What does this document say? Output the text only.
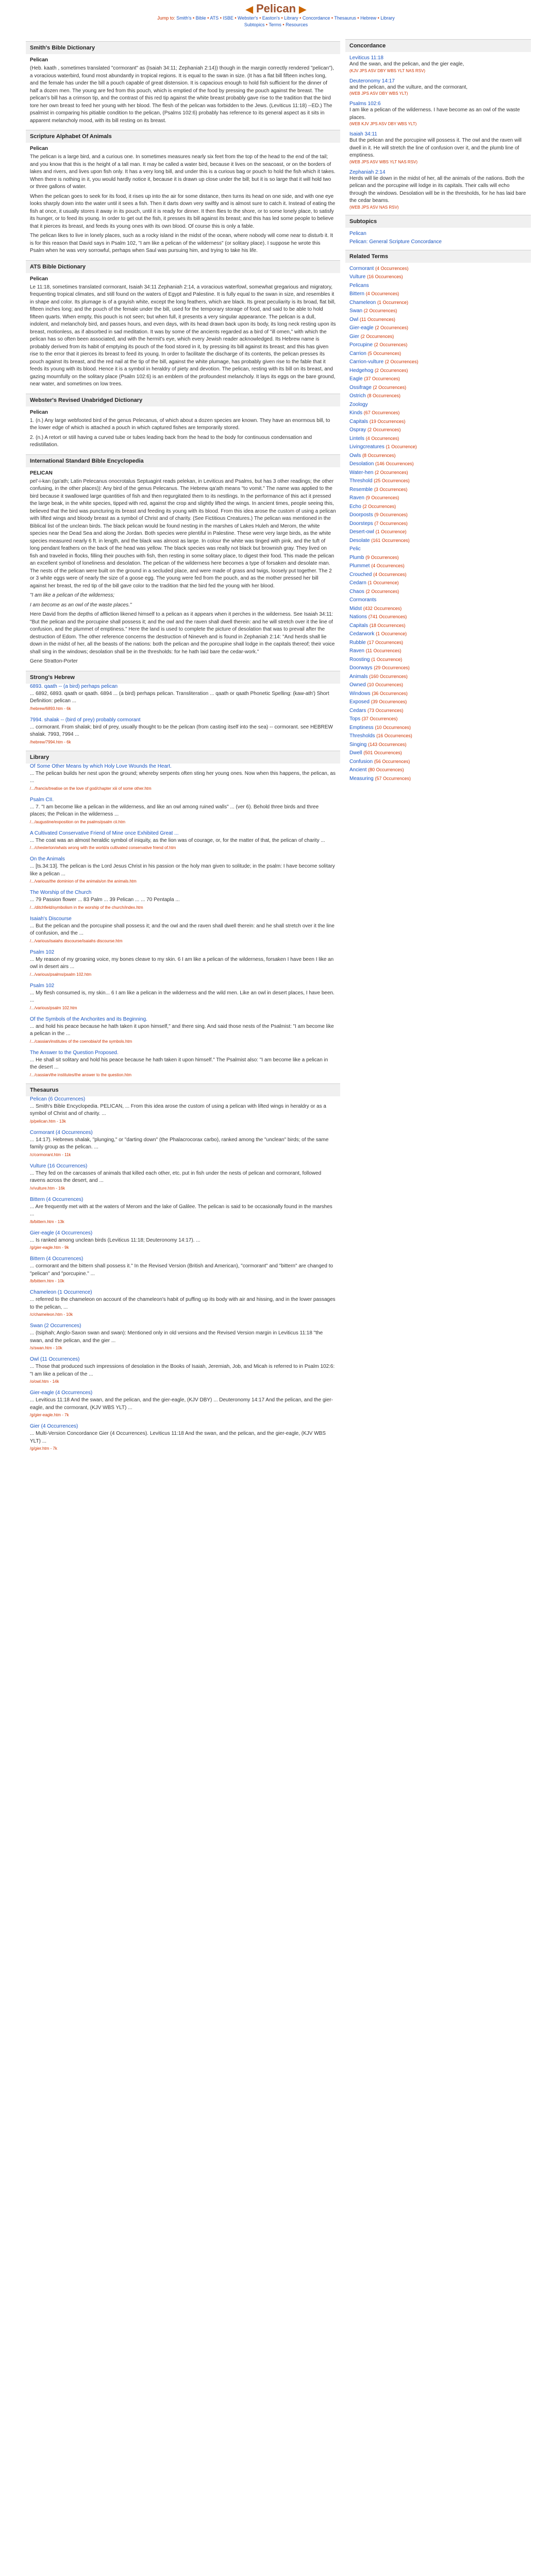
◀ Pelican ▶
Jump to: Smith's • Bible • ATS • ISBE • Webster's • Easton's • Library • Concordance • Thesaurus • Hebrew • Library
Subtopics • Terms • Resources
Smith's Bible Dictionary
Pelican

(Heb. kaath , sometimes translated "cormorant" as (Isaiah 34:11; Zephaniah 2:14)) though in the margin correctly rendered "pelican"), a voracious waterbird, found most abundantly in tropical regions. It is equal to the swan in size. (It has a flat bill fifteen inches long, and the female has under the bill a pouch capable of great distension. It is capacious enough to hold fish sufficient for the dinner of half a dozen men. The young are fed from this pouch, which is emptied of the food by pressing the pouch against the breast. The pelican's bill has a crimson tip, and the contrast of this red tip against the white breast probably gave rise to the tradition that the bird tore her own breast to feed her young with her blood. The flesh of the pelican was forbidden to the Jews. (Leviticus 11:18) --ED.) The psalmist in comparing his pitiable condition to the pelican, (Psalms 102:6) probably has reference to its general aspect as it sits in apparent melancholy mood, with its bill resting on its breast.

Scripture Alphabet Of Animals
Pelican

The pelican is a large bird, and a curious one. In sometimes measures nearly six feet from the top of the head to the end of the tail; and you know that this is the height of a tall man. It may be called a water bird, because it lives on the seacoast, or on the borders of lakes and rivers, and lives upon fish only. It has a very long bill, and under this is a curious bag or pouch to hold the fish which it takes. When there is nothing in it, you would hardly notice it, because it is drawn up close under the bill; but it is so large that it will hold two or three gallons of water.

When the pelican goes to seek for its food, it rises up into the air for some distance, then turns its head on one side, and with one eye looks sharply down into the water until it sees a fish. Then it darts down very swiftly and is almost sure to catch it. Instead of eating the fish at once, it usually stores it away in its pouch, until it is ready for dinner. It then flies to the shore, or to some lonely place, to satisfy its hunger, or to feed its young. In order to get out the fish, it presses its bill against its breast; and this has led some people to believe that it pierces its breast, and feeds its young ones with its own blood. Of course this is only a fable.

The pelican likes to live in lonely places, such as a rocky island in the midst of the ocean, where nobody will come near to disturb it. It is for this reason that David says in Psalm 102, "I am like a pelican of the wilderness" (or solitary place). I suppose he wrote this Psalm when he was very sorrowful, perhaps when Saul was pursuing him, and trying to take his life.

ATS Bible Dictionary
Pelican

Le 11:18, sometimes translated cormorant, Isaiah 34:11 Zephaniah 2:14, a voracious waterfowl, somewhat gregarious and migratory, frequenting tropical climates, and still found on the waters of Egypt and Palestine. It is fully equal to the swan in size, and resembles it in shape and color. Its plumage is of a grayish white, except the long feathers, which are black. Its great peculiarity is its broad, flat bill, fifteen inches long; and the pouch of the female under the bill, used for the temporary storage of food, and said to be able to hold fifteen quarts. When empty, this pouch is not seen; but when full, it presents a very singular appearance. The pelican is a dull, indolent, and melancholy bird, and passes hours, and even days, with its head drawn back upon its body, its long neck resting upon its breast, motionless, as if absorbed in sad meditation. It was by some of the ancients regarded as a bird of "ill omen," with which the pelican has so often been associated, and with the hermit's eye, which every Jewish reader acknowledged. Its Hebrew name is probably derived from its habit of emptying its pouch of the food stored in it, by pressing its bill against its breast; and this has given rise to the error that it pierces its breast to feed its young. In order to facilitate the discharge of its contents, the pelican presses its pouch against its breast, and the red nail at the tip of the bill, against the white plumage, has probably given rise to the fable that it feeds its young with its blood. Hence it is a symbol in heraldry of piety and devotion. The pelican, resting with its bill on its breast, and gazing mournfully on the solitary place (Psalm 102:6) is an emblem of the profoundest melancholy. It lays its eggs on the bare ground, near water, and sometimes on low trees.

Webster's Revised Unabridged Dictionary
Pelican

1. (n.) Any large webfooted bird of the genus Pelecanus, of which about a dozen species are known. They have an enormous bill, to the lower edge of which is attached a pouch in which captured fishes are temporarily stored.

2. (n.) A retort or still having a curved tube or tubes leading back from the head to the body for continuous condensation and redistillation.

International Standard Bible Encyclopedia
PELICAN

pel'-i-kan (qa'ath; Latin Pelecanus onocrotalus Septuagint reads pelekan, in Leviticus and Psalms, but has 3 other readings; the other confusing, in the other places)): Any bird of the genus Pelecanus. The Hebrew qa'ath means "to vomit." The name was applied to the bird because it swallowed large quantities of fish and then regurgitated them to its nestlings. In the performance of this act it pressed the large beak, in the white species, tipped with red, against the crop and slightly lifted the wings. In ancient times, people seeing this, believed that the bird was puncturing its breast and feeding its young with its blood. From this idea arose the custom of using a pelican with lifted wings and bloody breast as a symbol of Christ and of charity. (See Fictitious Creatures.) The pelican was mentioned in the Biblical list of the unclean birds. The black pelican would be found nesting in the marshes of Lakes Huleh and Merom, the white species near the Dead Sea and along the Jordan. Both species were plentiful in Palestine. These were very large birds, as the white species measured nearly 6 ft. in length, and the black was almost as large. In colour the white was tinged with pink, and the tuft of long pendant feathers on the back of the head was yellow. The black species was really not black but brownish gray. They lived on fish and traveled in flocks, filling their pouches with fish, then resting in some solitary place, to digest their food. This made the pelican an excellent symbol of loneliness and desolation. The pelican of the wilderness here becomes a type of forsaken and desolate man. The nests of the pelican were built on the ground in a secluded place, and were made of grass and twigs, loosely put together. The 2 or 3 white eggs were of nearly the size of a goose egg. The young were fed from the pouch, and as the mother pressed her bill against her breast, the red tip of the bill gave color to the tradition that the bird fed the young with her blood.

"I am like a pelican of the wilderness;

I am become as an owl of the waste places."

Here David from the depths of affliction likened himself to a pelican as it appears when it perches in the wilderness. See Isaiah 34:11: "But the pelican and the porcupine shall possess it; and the owl and the raven shall dwell therein: and he will stretch over it the line of confusion, and the plummet of emptiness." Here the land is used to complete the picture of desolation that was to prevail after the destruction of Edom. The other reference concerns the destruction of Nineveh and is found in Zephaniah 2:14: "And herds shall lie down in the midst of her, all the beasts of the nations: both the pelican and the porcupine shall lodge in the capitals thereof; their voice shall sing in the windows; desolation shall be in the thresholds: for he hath laid bare the cedar-work."

Gene Stratton-Porter

Strong's Hebrew
6893. qaath -- (a bird) perhaps pelican

... 6892, 6893. qaath or qaath. 6894 ... (a bird) perhaps pelican. Transliteration ... qaath or qaath Phonetic Spelling: (kaw-ath') Short Definition: pelican ...

/hebrew/6893.htm - 6k
7994. shalak -- (bird of prey) probably cormorant

... cormorant. From shalak; bird of prey, usually thought to be the pelican (from casting itself into the sea) -- cormorant. see HEBREW shalak. 7993, 7994 ...

/hebrew/7994.htm - 6k
Library
Of Some Other Means by which Holy Love Wounds the Heart.

... The pelican builds her nest upon the ground; whereby serpents often sting her young ones. Now when this happens, the pelican, as ...

/.../francis/treatise on the love of god/chapter xiii of some other.htm
Psalm CII.

... 7. "I am become like a pelican in the wilderness, and like an owl among ruined walls" ... (ver 6). Behold three birds and three places; the Pelican in the wilderness ...

/.../augustine/exposition on the psalms/psalm cii.htm
A Cultivated Conservative Friend of Mine once Exhibited Great ...

... The coat was an almost heraldic symbol of iniquity, as the lion was of courage, or, for the matter of that, the pelican of charity ...

/.../chesterton/whats wrong with the world/a cultivated conservative friend of.htm
On the Animals

... [ts.34:13]. The pelican is the Lord Jesus Christ in his passion or the holy man given to solitude; in the psalm: I have become solitary like a pelican ...

/.../various/the dominion of the animals/on the animals.htm
The Worship of the Church

... 79 Passion flower ... 83 Palm ... 39 Pelican ... ... 70 Pentapla ...

/.../ditchfield/symbolism in the worship of the church/index.htm
Isaiah's Discourse

... But the pelican and the porcupine shall possess it; and the owl and the raven shall dwell therein: and he shall stretch over it the line of confusion, and the ...

/.../various/isaiahs discourse/isaiahs discourse.htm
Psalm 102

... My reason of my groaning voice, my bones cleave to my skin. 6 I am like a pelican of the wilderness, forsaken I have been I like an owl in desert airs ...

/.../various/psalms/psalm 102.htm
Psalm 102

... My flesh consumed is, my skin... 6 I am like a pelican in the wilderness and the wild men. Like an owl in desert places, I have been. ...

/.../various/psalm 102.htm
Of the Symbols of the Anchorites and its Beginning.

... and hold his peace because he hath taken it upon himself," and there sing. And said those nests of the Psalmist: "I am become like a pelican in the ...

/.../cassian/institutes of the coenobia/of the symbols.htm
The Answer to the Question Proposed.

... He shall sit solitary and hold his peace because he hath taken it upon himself." The Psalmist also: "I am become like a pelican in the desert ...

/.../cassian/the institutes/the answer to the question.htm
Thesaurus
Pelican (6 Occurrences)

... Smith's Bible Encyclopedia. PELICAN, ... From this idea arose the custom of using a pelican with lifted wings in heraldry or as a symbol of Christ and of charity. ...

/p/pelican.htm - 13k
Cormorant (4 Occurrences)

... 14:17). Hebrews shalak, "plunging," or "darting down" (the Phalacrocorax carbo), ranked among the "unclean" birds; of the same family group as the pelican. ...

/c/cormorant.htm - 11k
Vulture (16 Occurrences)

... They fed on the carcasses of animals that killed each other, etc. put in fish under the nests of pelican and cormorant, followed ravens across the desert, and ...

/v/vulture.htm - 16k
Bittern (4 Occurrences)

... Are frequently met with at the waters of Merom and the lake of Galilee. The pelican is said to be occasionally found in the marshes ...

/b/bittern.htm - 13k
Gier-eagle (4 Occurrences)

... Is ranked among unclean birds (Leviticus 11:18; Deuteronomy 14:17). ...

/g/gier-eagle.htm - 9k
Bittern (4 Occurrences)

... cormorant and the bittern shall possess it." In the Revised Version (British and American), "cormorant" and "bittern" are changed to "pelican" and "porcupine." ...

/b/bittern.htm - 10k
Chameleon (1 Occurrence)

... referred to the chameleon on account of the chameleon's habit of puffing up its body with air and hissing, and in the lower passages to the pelican, ...

/c/chameleon.htm - 10k
Swan (2 Occurrences)

... (tsiphah; Anglo-Saxon swan and swan): Mentioned only in old versions and the Revised Version margin in Leviticus 11:18 "the swan, and the pelican, and the gier ...

/s/swan.htm - 10k
Owl (11 Occurrences)

... Those that produced such impressions of desolation in the Books of Isaiah, Jeremiah, Job, and Micah is referred to in Psalm 102:6: "I am like a pelican of the ...

/o/owl.htm - 14k
Gier-eagle (4 Occurrences)

... Leviticus 11:18 And the swan, and the pelican, and the gier-eagle, (KJV DBY) ... Deuteronomy 14:17 And the pelican, and the gier-eagle, and the cormorant, (KJV WBS YLT) ...

/g/gier-eagle.htm - 7k
Gier (4 Occurrences)

... Multi-Version Concordance Gier (4 Occurrences). Leviticus 11:18 And the swan, and the pelican, and the gier-eagle, (KJV WBS YLT) ...

/g/gier.htm - 7k

Concordance
Leviticus 11:18
And the swan, and the pelican, and the gier eagle,
(KJV JPS ASV DBY WBS YLT NAS RSV)
Deuteronomy 14:17
and the pelican, and the vulture, and the cormorant,
(WEB JPS ASV DBY WBS YLT)
Psalms 102:6
I am like a pelican of the wilderness. I have become as an owl of the waste places.
(WEB KJV JPS ASV DBY WBS YLT)
Isaiah 34:11
But the pelican and the porcupine will possess it. The owl and the raven will dwell in it. He will stretch the line of confusion over it, and the plumb line of emptiness.
(WEB JPS ASV WBS YLT NAS RSV)
Zephaniah 2:14
Herds will lie down in the midst of her, all the animals of the nations. Both the pelican and the porcupine will lodge in its capitals. Their calls will echo through the windows. Desolation will be in the thresholds, for he has laid bare the cedar beams.
(WEB JPS ASV NAS RSV)
Subtopics
Pelican
Pelican: General Scripture Concordance
Related Terms
Cormorant (4 Occurrences)
Vulture (16 Occurrences)
Pelicans
Bittern (4 Occurrences)
Chameleon (1 Occurrence)
Swan (2 Occurrences)
Owl (11 Occurrences)
Gier-eagle (2 Occurrences)
Gier (2 Occurrences)
Porcupine (2 Occurrences)
Carrion (5 Occurrences)
Carrion-vulture (2 Occurrences)
Hedgehog (2 Occurrences)
Eagle (37 Occurrences)
Ossifrage (2 Occurrences)
Ostrich (8 Occurrences)
Zoology
Kinds (67 Occurrences)
Capitals (19 Occurrences)
Ospray (2 Occurrences)
Lintels (4 Occurrences)
Livingcreatures (1 Occurrence)
Owls (8 Occurrences)
Desolation (146 Occurrences)
Water-hen (2 Occurrences)
Threshold (25 Occurrences)
Resemble (3 Occurrences)
Raven (9 Occurrences)
Echo (2 Occurrences)
Doorposts (9 Occurrences)
Doorsteps (7 Occurrences)
Desert-owl (1 Occurrence)
Desolate (161 Occurrences)
Pelic
Plumb (9 Occurrences)
Plummet (4 Occurrences)
Crouched (4 Occurrences)
Cedarn (1 Occurrence)
Chaos (2 Occurrences)
Cormorants
Midst (432 Occurrences)
Nations (741 Occurrences)
Capitals (18 Occurrences)
Cedarwork (1 Occurrence)
Rubble (17 Occurrences)
Raven (11 Occurrences)
Roosting (1 Occurrence)
Doorways (29 Occurrences)
Animals (160 Occurrences)
Owned (10 Occurrences)
Windows (36 Occurrences)
Exposed (39 Occurrences)
Cedars (73 Occurrences)
Tops (37 Occurrences)
Emptiness (10 Occurrences)
Thresholds (16 Occurrences)
Singing (143 Occurrences)
Dwell (501 Occurrences)
Confusion (56 Occurrences)
Ancient (80 Occurrences)
Measuring (57 Occurrences)
